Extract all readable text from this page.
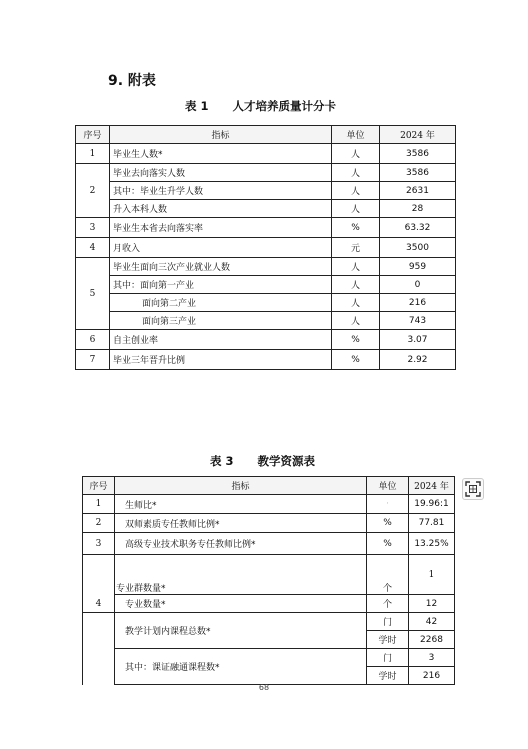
9. 附表
表 1      人才培养质量计分卡
序号	指标	单位	2024 年
1	毕业生人数*	人	3586
2	毕业去向落实人数	人	3586
	其中：毕业生升学人数	人	2631
	升入本科人数	人	28
3	毕业生本省去向落实率	%	63.32
4	月收入	元	3500
5	毕业生面向三次产业就业人数	人	959
	其中：面向第一产业	人	0
	面向第二产业	人	216
	面向第三产业	人	743
6	自主创业率	%	3.07
7	毕业三年晋升比例	%	2.92
表 3      教学资源表
序号	指标	单位	2024 年
1	生师比*	·	19.96:1
2	双师素质专任教师比例*	%	77.81
3	高级专业技术职务专任教师比例*	%	13.25%
4	专业群数量*	个	1
	专业数量*	个	12
	教学计划内课程总数*	门	42
		学时	2268
	其中：课证融通课程数*	门	3
		学时	216
68
